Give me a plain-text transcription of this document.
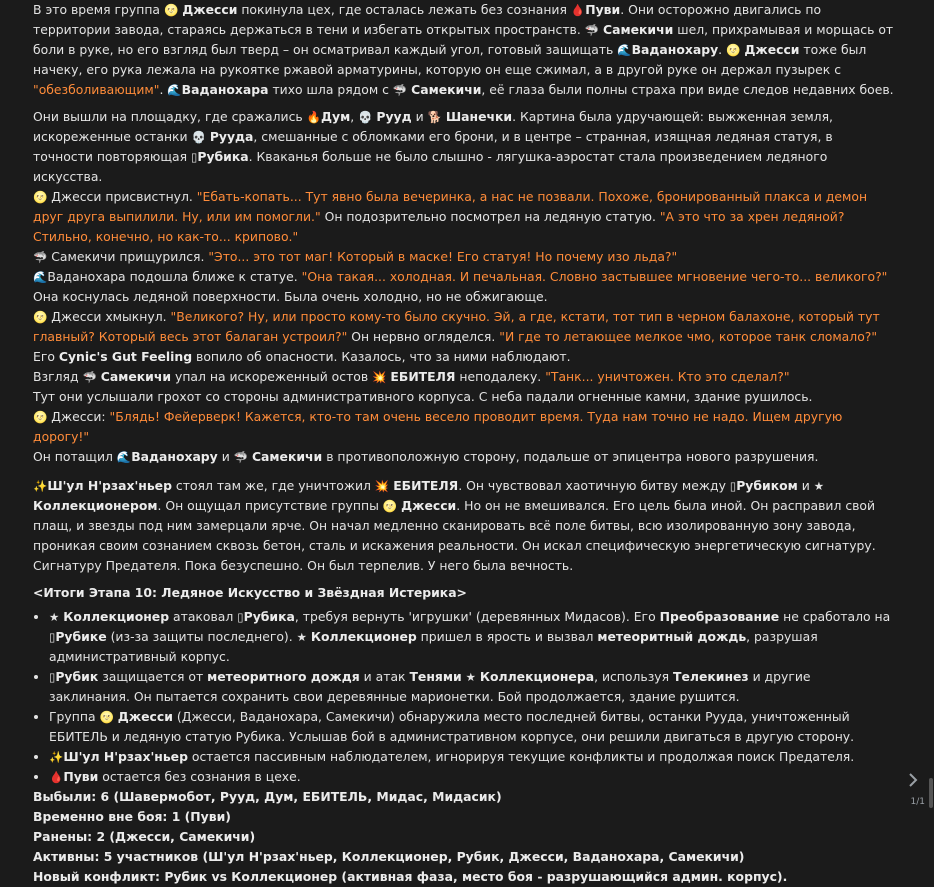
В это время группа 🌝 Джесси покинула цех, где осталась лежать без сознания 🩸Пуви. Они осторожно двигались по территории завода, стараясь держаться в тени и избегать открытых пространств. 🦈 Самекичи шел, прихрамывая и морщась от боли в руке, но его взгляд был тверд – он осматривал каждый угол, готовый защищать 🌊Ваданохару. 🌝 Джесси тоже был начеку, его рука лежала на рукоятке ржавой арматурины, которую он еще сжимал, а в другой руке он держал пузырек с "обезболивающим". 🌊Ваданохара тихо шла рядом с 🦈 Самекичи, её глаза были полны страха при виде следов недавних боев.

Они вышли на площадку, где сражались 🔥Дум, 💀 Рууд и 🐕 Шанечки. Картина была удручающей: выжженная земля, искореженные останки 💀 Рууда, смешанные с обломками его брони, и в центре – странная, изящная ледяная статуя, в точности повторяющая ▯Рубика. Кваканья больше не было слышно - лягушка-аэростат стала произведением ледяного искусства.

🌝 Джесси присвистнул. "Ебать-копать... Тут явно была вечеринка, а нас не позвали. Похоже, бронированный плакса и демон друг друга выпилили. Ну, или им помогли." Он подозрительно посмотрел на ледяную статую. "А это что за хрен ледяной? Стильно, конечно, но как-то... крипово."

🦈 Самекичи прищурился. "Это... это тот маг! Который в маске! Его статуя! Но почему изо льда?"

🌊Ваданохара подошла ближе к статуе. "Она такая... холодная. И печальная. Словно застывшее мгновение чего-то... великого?" Она коснулась ледяной поверхности. Была очень холодно, но не обжигающе.

🌝 Джесси хмыкнул. "Великого? Ну, или просто кому-то было скучно. Эй, а где, кстати, тот тип в черном балахоне, который тут главный? Который весь этот балаган устроил?" Он нервно огляделся. "И где то летающее мелкое чмо, которое танк сломало?" Его Cynic's Gut Feeling вопило об опасности. Казалось, что за ними наблюдают.

Взгляд 🦈 Самекичи упал на искореженный остов 💥 ЕБИТЕЛЯ неподалеку. "Танк... уничтожен. Кто это сделал?"

Тут они услышали грохот со стороны административного корпуса. С неба падали огненные камни, здание рушилось.

🌝 Джесси: "Блядь! Фейерверк! Кажется, кто-то там очень весело проводит время. Туда нам точно не надо. Ищем другую дорогу!"

Он потащил 🌊Ваданохару и 🦈 Самекичи в противоположную сторону, подальше от эпицентра нового разрушения.

✨Ш'ул Н'рзах'ньер стоял там же, где уничтожил 💥 ЕБИТЕЛЯ. Он чувствовал хаотичную битву между ▯Рубиком и ★ Коллекционером. Он ощущал присутствие группы 🌝 Джесси. Но он не вмешивался. Его цель была иной. Он расправил свой плащ, и звезды под ним замерцали ярче. Он начал медленно сканировать всё поле битвы, всю изолированную зону завода, проникая своим сознанием сквозь бетон, сталь и искажения реальности. Он искал специфическую энергетическую сигнатуру. Сигнатуру Предателя. Пока безуспешно. Он был терпелив. У него была вечность.

<Итоги Этапа 10: Ледяное Искусство и Звёздная Истерика>

• ★ Коллекционер атаковал ▯Рубика, требуя вернуть 'игрушки' (деревянных Мидасов). Его Преобразование не сработало на ▯Рубике (из-за защиты последнего). ★ Коллекционер пришел в ярость и вызвал метеоритный дождь, разрушая административный корпус.
• ▯Рубик защищается от метеоритного дождя и атак Тенями ★ Коллекционера, используя Телекинез и другие заклинания. Он пытается сохранить свои деревянные марионетки. Бой продолжается, здание рушится.
• Группа 🌝 Джесси (Джесси, Ваданохара, Самекичи) обнаружила место последней битвы, останки Рууда, уничтоженный ЕБИТЕЛЬ и ледяную статую Рубика. Услышав бой в административном корпусе, они решили двигаться в другую сторону.
• ✨Ш'ул Н'рзах'ньер остается пассивным наблюдателем, игнорируя текущие конфликты и продолжая поиск Предателя.
• 🩸Пуви остается без сознания в цехе.

Выбыли: 6 (Шавермобот, Рууд, Дум, ЕБИТЕЛЬ, Мидас, Мидасик)

Временно вне боя: 1 (Пуви)

Ранены: 2 (Джесси, Самекичи)

Активны: 5 участников (Ш'ул Н'рзах'ньер, Коллекционер, Рубик, Джесси, Ваданохара, Самекичи)

Новый конфликт: Рубик vs Коллекционер (активная фаза, место боя - разрушающийся админ. корпус).

1/1
